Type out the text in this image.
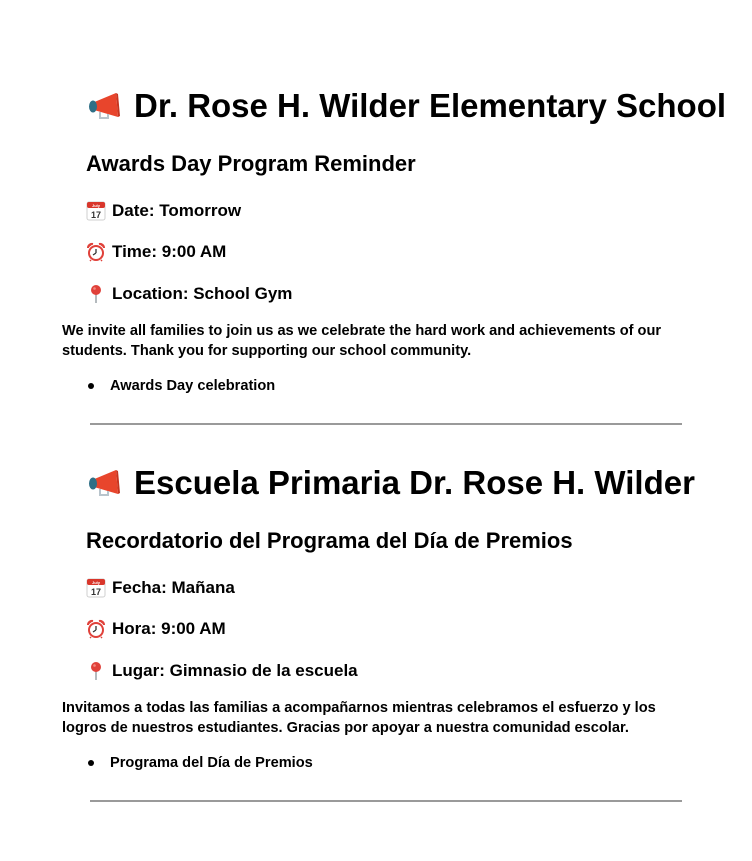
Dr. Rose H. Wilder Elementary School
Awards Day Program Reminder
July
17 Date: Tomorrow
Time: 9:00 AM
Location: School Gym

We invite all families to join us as we celebrate the hard work and achievements of our students. Thank you for supporting our school community.

Awards Day celebration
Escuela Primaria Dr. Rose H. Wilder
Recordatorio del Programa del Día de Premios
July
17 Fecha: Mañana
Hora: 9:00 AM
Lugar: Gimnasio de la escuela

Invitamos a todas las familias a acompañarnos mientras celebramos el esfuerzo y los logros de nuestros estudiantes. Gracias por apoyar a nuestra comunidad escolar.

Programa del Día de Premios
